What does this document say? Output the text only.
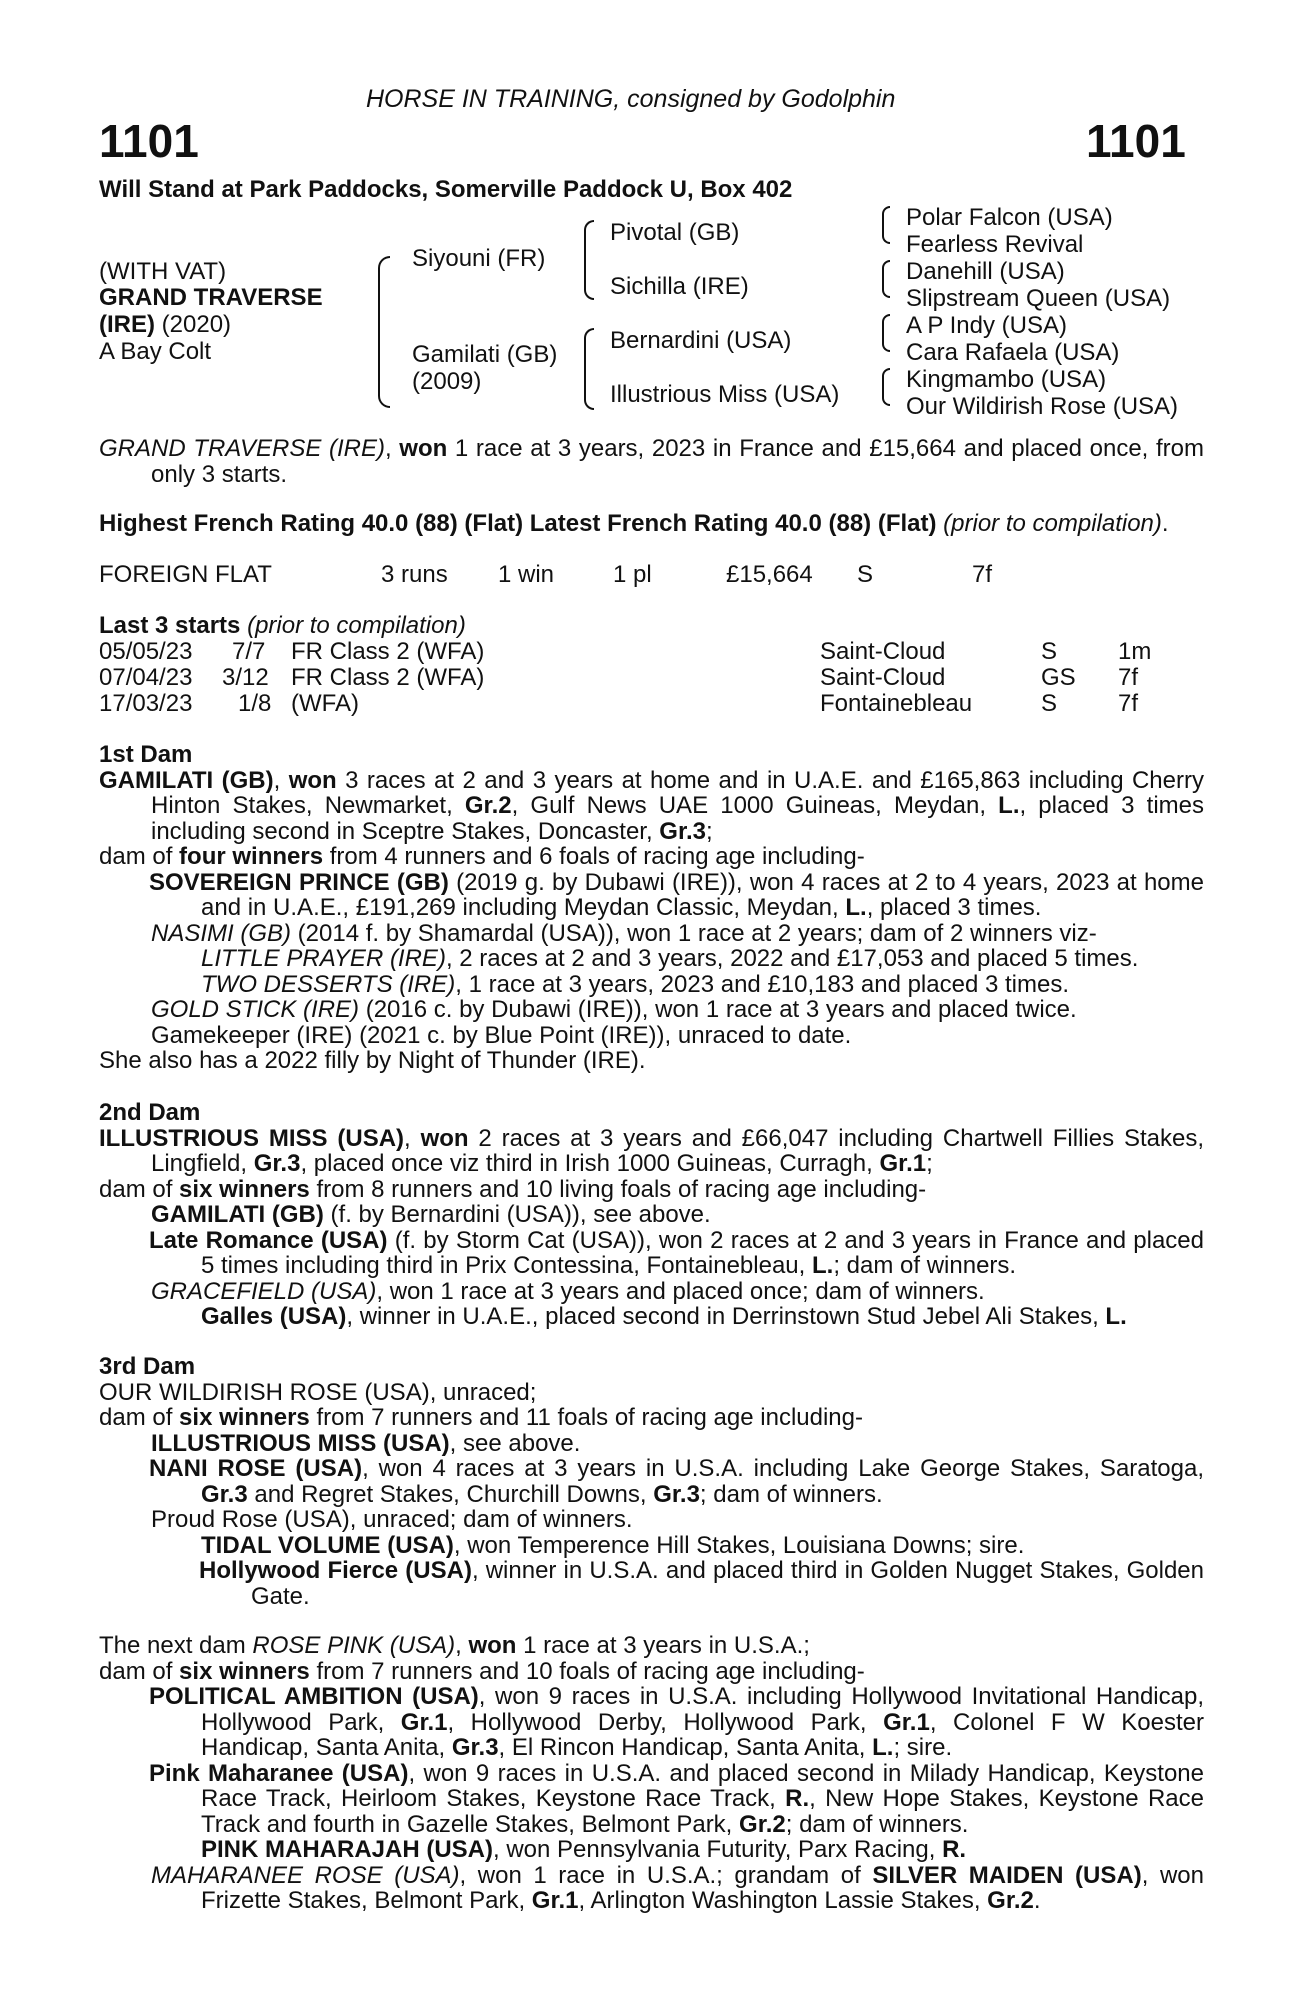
HORSE IN TRAINING, consigned by Godolphin
1101	1101
Will Stand at Park Paddocks, Somerville Paddock U, Box 402
(WITH VAT)
GRAND TRAVERSE
(IRE) (2020)
A Bay Colt
Siyouni (FR)
Gamilati (GB)
(2009)
Pivotal (GB)
Sichilla (IRE)
Bernardini (USA)
Illustrious Miss (USA)
Polar Falcon (USA)
Fearless Revival
Danehill (USA)
Slipstream Queen (USA)
A P Indy (USA)
Cara Rafaela (USA)
Kingmambo (USA)
Our Wildirish Rose (USA)

GRAND TRAVERSE (IRE), won 1 race at 3 years, 2023 in France and £15,664 and placed once, from only 3 starts.

Highest French Rating 40.0 (88) (Flat) Latest French Rating 40.0 (88) (Flat) (prior to compilation).

FOREIGN FLAT	3 runs 1 win 1 pl	£15,664 S	7f
Last 3 starts (prior to compilation)
05/05/23 7/7 FR Class 2 (WFA)	Saint-Cloud	S	1m
07/04/23 3/12 FR Class 2 (WFA)	Saint-Cloud	GS 7f
17/03/23 1/8 (WFA)	Fontainebleau	S	7f

1st Dam

GAMILATI (GB), won 3 races at 2 and 3 years at home and in U.A.E. and £165,863 including Cherry Hinton Stakes, Newmarket, Gr.2, Gulf News UAE 1000 Guineas, Meydan, L., placed 3 times including second in Sceptre Stakes, Doncaster, Gr.3;

dam of four winners from 4 runners and 6 foals of racing age including-

SOVEREIGN PRINCE (GB) (2019 g. by Dubawi (IRE)), won 4 races at 2 to 4 years, 2023 at home and in U.A.E., £191,269 including Meydan Classic, Meydan, L., placed 3 times.

NASIMI (GB) (2014 f. by Shamardal (USA)), won 1 race at 2 years; dam of 2 winners viz-

LITTLE PRAYER (IRE), 2 races at 2 and 3 years, 2022 and £17,053 and placed 5 times.

TWO DESSERTS (IRE), 1 race at 3 years, 2023 and £10,183 and placed 3 times.

GOLD STICK (IRE) (2016 c. by Dubawi (IRE)), won 1 race at 3 years and placed twice.

Gamekeeper (IRE) (2021 c. by Blue Point (IRE)), unraced to date.

She also has a 2022 filly by Night of Thunder (IRE).

2nd Dam

ILLUSTRIOUS MISS (USA), won 2 races at 3 years and £66,047 including Chartwell Fillies Stakes, Lingfield, Gr.3, placed once viz third in Irish 1000 Guineas, Curragh, Gr.1;

dam of six winners from 8 runners and 10 living foals of racing age including-

GAMILATI (GB) (f. by Bernardini (USA)), see above.

Late Romance (USA) (f. by Storm Cat (USA)), won 2 races at 2 and 3 years in France and placed 5 times including third in Prix Contessina, Fontainebleau, L.; dam of winners.

GRACEFIELD (USA), won 1 race at 3 years and placed once; dam of winners.

Galles (USA), winner in U.A.E., placed second in Derrinstown Stud Jebel Ali Stakes, L.

3rd Dam

OUR WILDIRISH ROSE (USA), unraced;

dam of six winners from 7 runners and 11 foals of racing age including-

ILLUSTRIOUS MISS (USA), see above.

NANI ROSE (USA), won 4 races at 3 years in U.S.A. including Lake George Stakes, Saratoga, Gr.3 and Regret Stakes, Churchill Downs, Gr.3; dam of winners.

Proud Rose (USA), unraced; dam of winners.

TIDAL VOLUME (USA), won Temperence Hill Stakes, Louisiana Downs; sire.

Hollywood Fierce (USA), winner in U.S.A. and placed third in Golden Nugget Stakes, Golden Gate.

The next dam ROSE PINK (USA), won 1 race at 3 years in U.S.A.;

dam of six winners from 7 runners and 10 foals of racing age including-

POLITICAL AMBITION (USA), won 9 races in U.S.A. including Hollywood Invitational Handicap, Hollywood Park, Gr.1, Hollywood Derby, Hollywood Park, Gr.1, Colonel F W Koester Handicap, Santa Anita, Gr.3, El Rincon Handicap, Santa Anita, L.; sire.

Pink Maharanee (USA), won 9 races in U.S.A. and placed second in Milady Handicap, Keystone Race Track, Heirloom Stakes, Keystone Race Track, R., New Hope Stakes, Keystone Race Track and fourth in Gazelle Stakes, Belmont Park, Gr.2; dam of winners.

PINK MAHARAJAH (USA), won Pennsylvania Futurity, Parx Racing, R.

MAHARANEE ROSE (USA), won 1 race in U.S.A.; grandam of SILVER MAIDEN (USA), won Frizette Stakes, Belmont Park, Gr.1, Arlington Washington Lassie Stakes, Gr.2.
